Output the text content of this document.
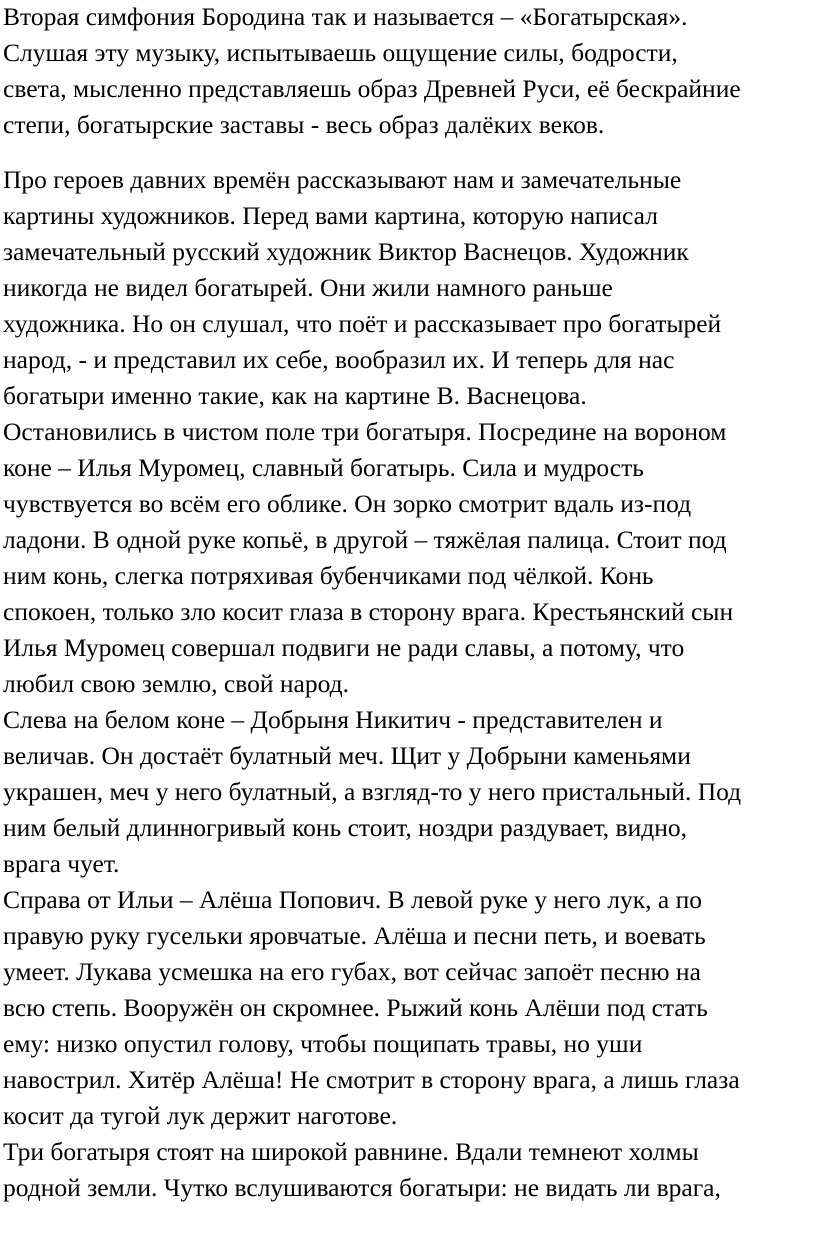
Вторая симфония Бородина так и называется – «Богатырская».
Слушая эту музыку, испытываешь ощущение силы, бодрости,
света, мысленно представляешь образ Древней Руси, её бескрайние
степи, богатырские заставы - весь образ далёких веков.
Про героев давних времён рассказывают нам и замечательные
картины художников. Перед вами картина, которую написал
замечательный русский художник Виктор Васнецов. Художник
никогда не видел богатырей. Они жили намного раньше
художника. Но он слушал, что поёт и рассказывает про богатырей
народ, - и представил их себе, вообразил их. И теперь для нас
богатыри именно такие, как на картине В. Васнецова.
Остановились в чистом поле три богатыря. Посредине на вороном
коне – Илья Муромец, славный богатырь. Сила и мудрость
чувствуется во всём его облике. Он зорко смотрит вдаль из-под
ладони. В одной руке копьё, в другой – тяжёлая палица. Стоит под
ним конь, слегка потряхивая бубенчиками под чёлкой. Конь
спокоен, только зло косит глаза в сторону врага. Крестьянский сын
Илья Муромец совершал подвиги не ради славы, а потому, что
любил свою землю, свой народ.
Слева на белом коне – Добрыня Никитич - представителен и
величав. Он достаёт булатный меч. Щит у Добрыни каменьями
украшен, меч у него булатный, а взгляд-то у него пристальный. Под
ним белый длинногривый конь стоит, ноздри раздувает, видно,
врага чует.
Справа от Ильи – Алёша Попович. В левой руке у него лук, а по
правую руку гусельки яровчатые. Алёша и песни петь, и воевать
умеет. Лукава усмешка на его губах, вот сейчас запоёт песню на
всю степь. Вооружён он скромнее. Рыжий конь Алёши под стать
ему: низко опустил голову, чтобы пощипать травы, но уши
навострил. Хитёр Алёша! Не смотрит в сторону врага, а лишь глаза
косит да тугой лук держит наготове.
Три богатыря стоят на широкой равнине. Вдали темнеют холмы
родной земли. Чутко вслушиваются богатыри: не видать ли врага,
